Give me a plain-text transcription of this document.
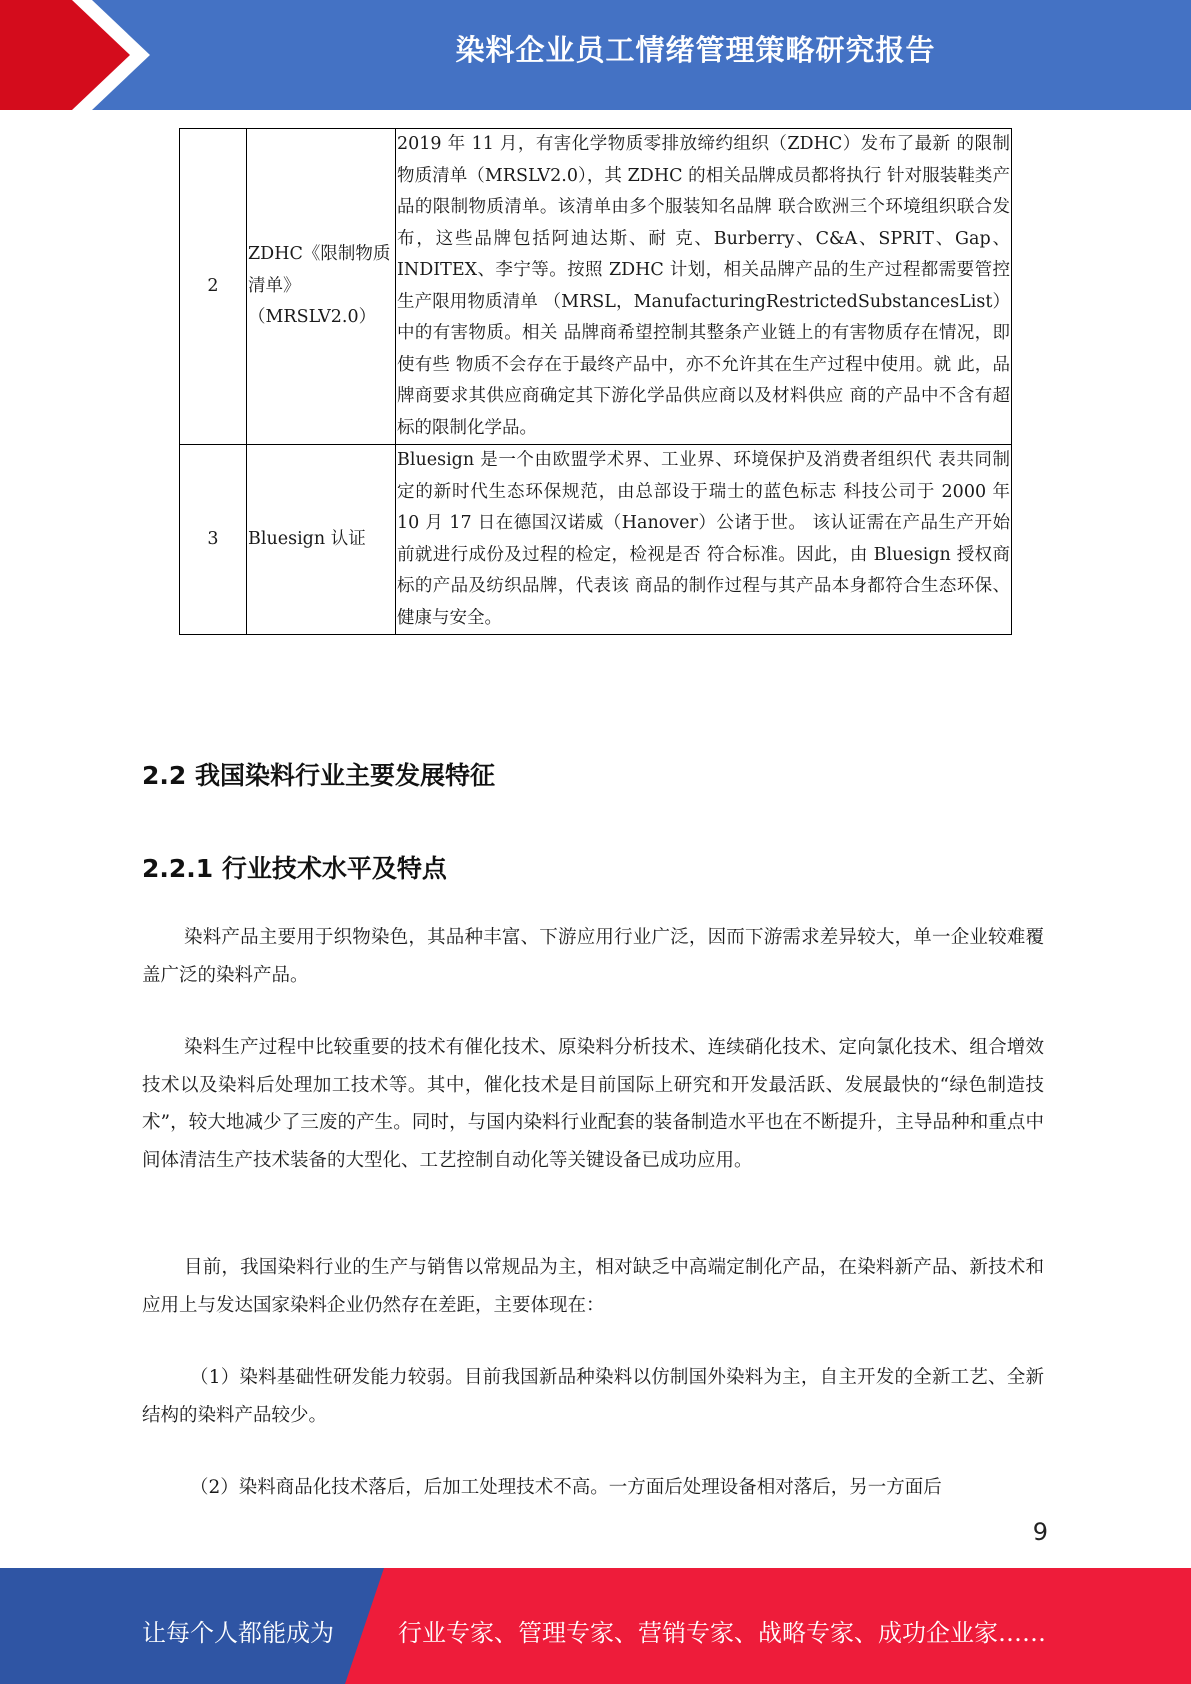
染料企业员工情绪管理策略研究报告
2	ZDHC《限制物质清单》（MRSLV2.0）	2019 年 11 月，有害化学物质零排放缔约组织（ZDHC）发布了最新 的限制物质清单（MRSLV2.0），其 ZDHC 的相关品牌成员都将执行 针对服装鞋类产品的限制物质清单。该清单由多个服装知名品牌 联合欧洲三个环境组织联合发布，这些品牌包括阿迪达斯、耐 克、Burberry、C&A、SPRIT、Gap、INDITEX、李宁等。按照 ZDHC 计划，相关品牌产品的生产过程都需要管控生产限用物质清单 （MRSL，ManufacturingRestrictedSubstancesList）中的有害物质。相关 品牌商希望控制其整条产业链上的有害物质存在情况，即使有些 物质不会存在于最终产品中，亦不允许其在生产过程中使用。就 此，品牌商要求其供应商确定其下游化学品供应商以及材料供应 商的产品中不含有超标的限制化学品。
3	Bluesign 认证	Bluesign 是一个由欧盟学术界、工业界、环境保护及消费者组织代 表共同制定的新时代生态环保规范，由总部设于瑞士的蓝色标志 科技公司于 2000 年 10 月 17 日在德国汉诺威（Hanover）公诸于世。 该认证需在产品生产开始前就进行成份及过程的检定，检视是否 符合标准。因此，由 Bluesign 授权商标的产品及纺织品牌，代表该 商品的制作过程与其产品本身都符合生态环保、健康与安全。
2.2 我国染料行业主要发展特征
2.2.1 行业技术水平及特点

染料产品主要用于织物染色，其品种丰富、下游应用行业广泛，因而下游需求差异较大，单一企业较难覆盖广泛的染料产品。

染料生产过程中比较重要的技术有催化技术、原染料分析技术、连续硝化技术、定向氯化技术、组合增效技术以及染料后处理加工技术等。其中，催化技术是目前国际上研究和开发最活跃、发展最快的“绿色制造技术”，较大地减少了三废的产生。同时，与国内染料行业配套的装备制造水平也在不断提升，主导品种和重点中间体清洁生产技术装备的大型化、工艺控制自动化等关键设备已成功应用。

目前，我国染料行业的生产与销售以常规品为主，相对缺乏中高端定制化产品，在染料新产品、新技术和应用上与发达国家染料企业仍然存在差距，主要体现在：

（1）染料基础性研发能力较弱。目前我国新品种染料以仿制国外染料为主，自主开发的全新工艺、全新结构的染料产品较少。

（2）染料商品化技术落后，后加工处理技术不高。一方面后处理设备相对落后，另一方面后

9
让每个人都能成为	行业专家、管理专家、营销专家、战略专家、成功企业家……
